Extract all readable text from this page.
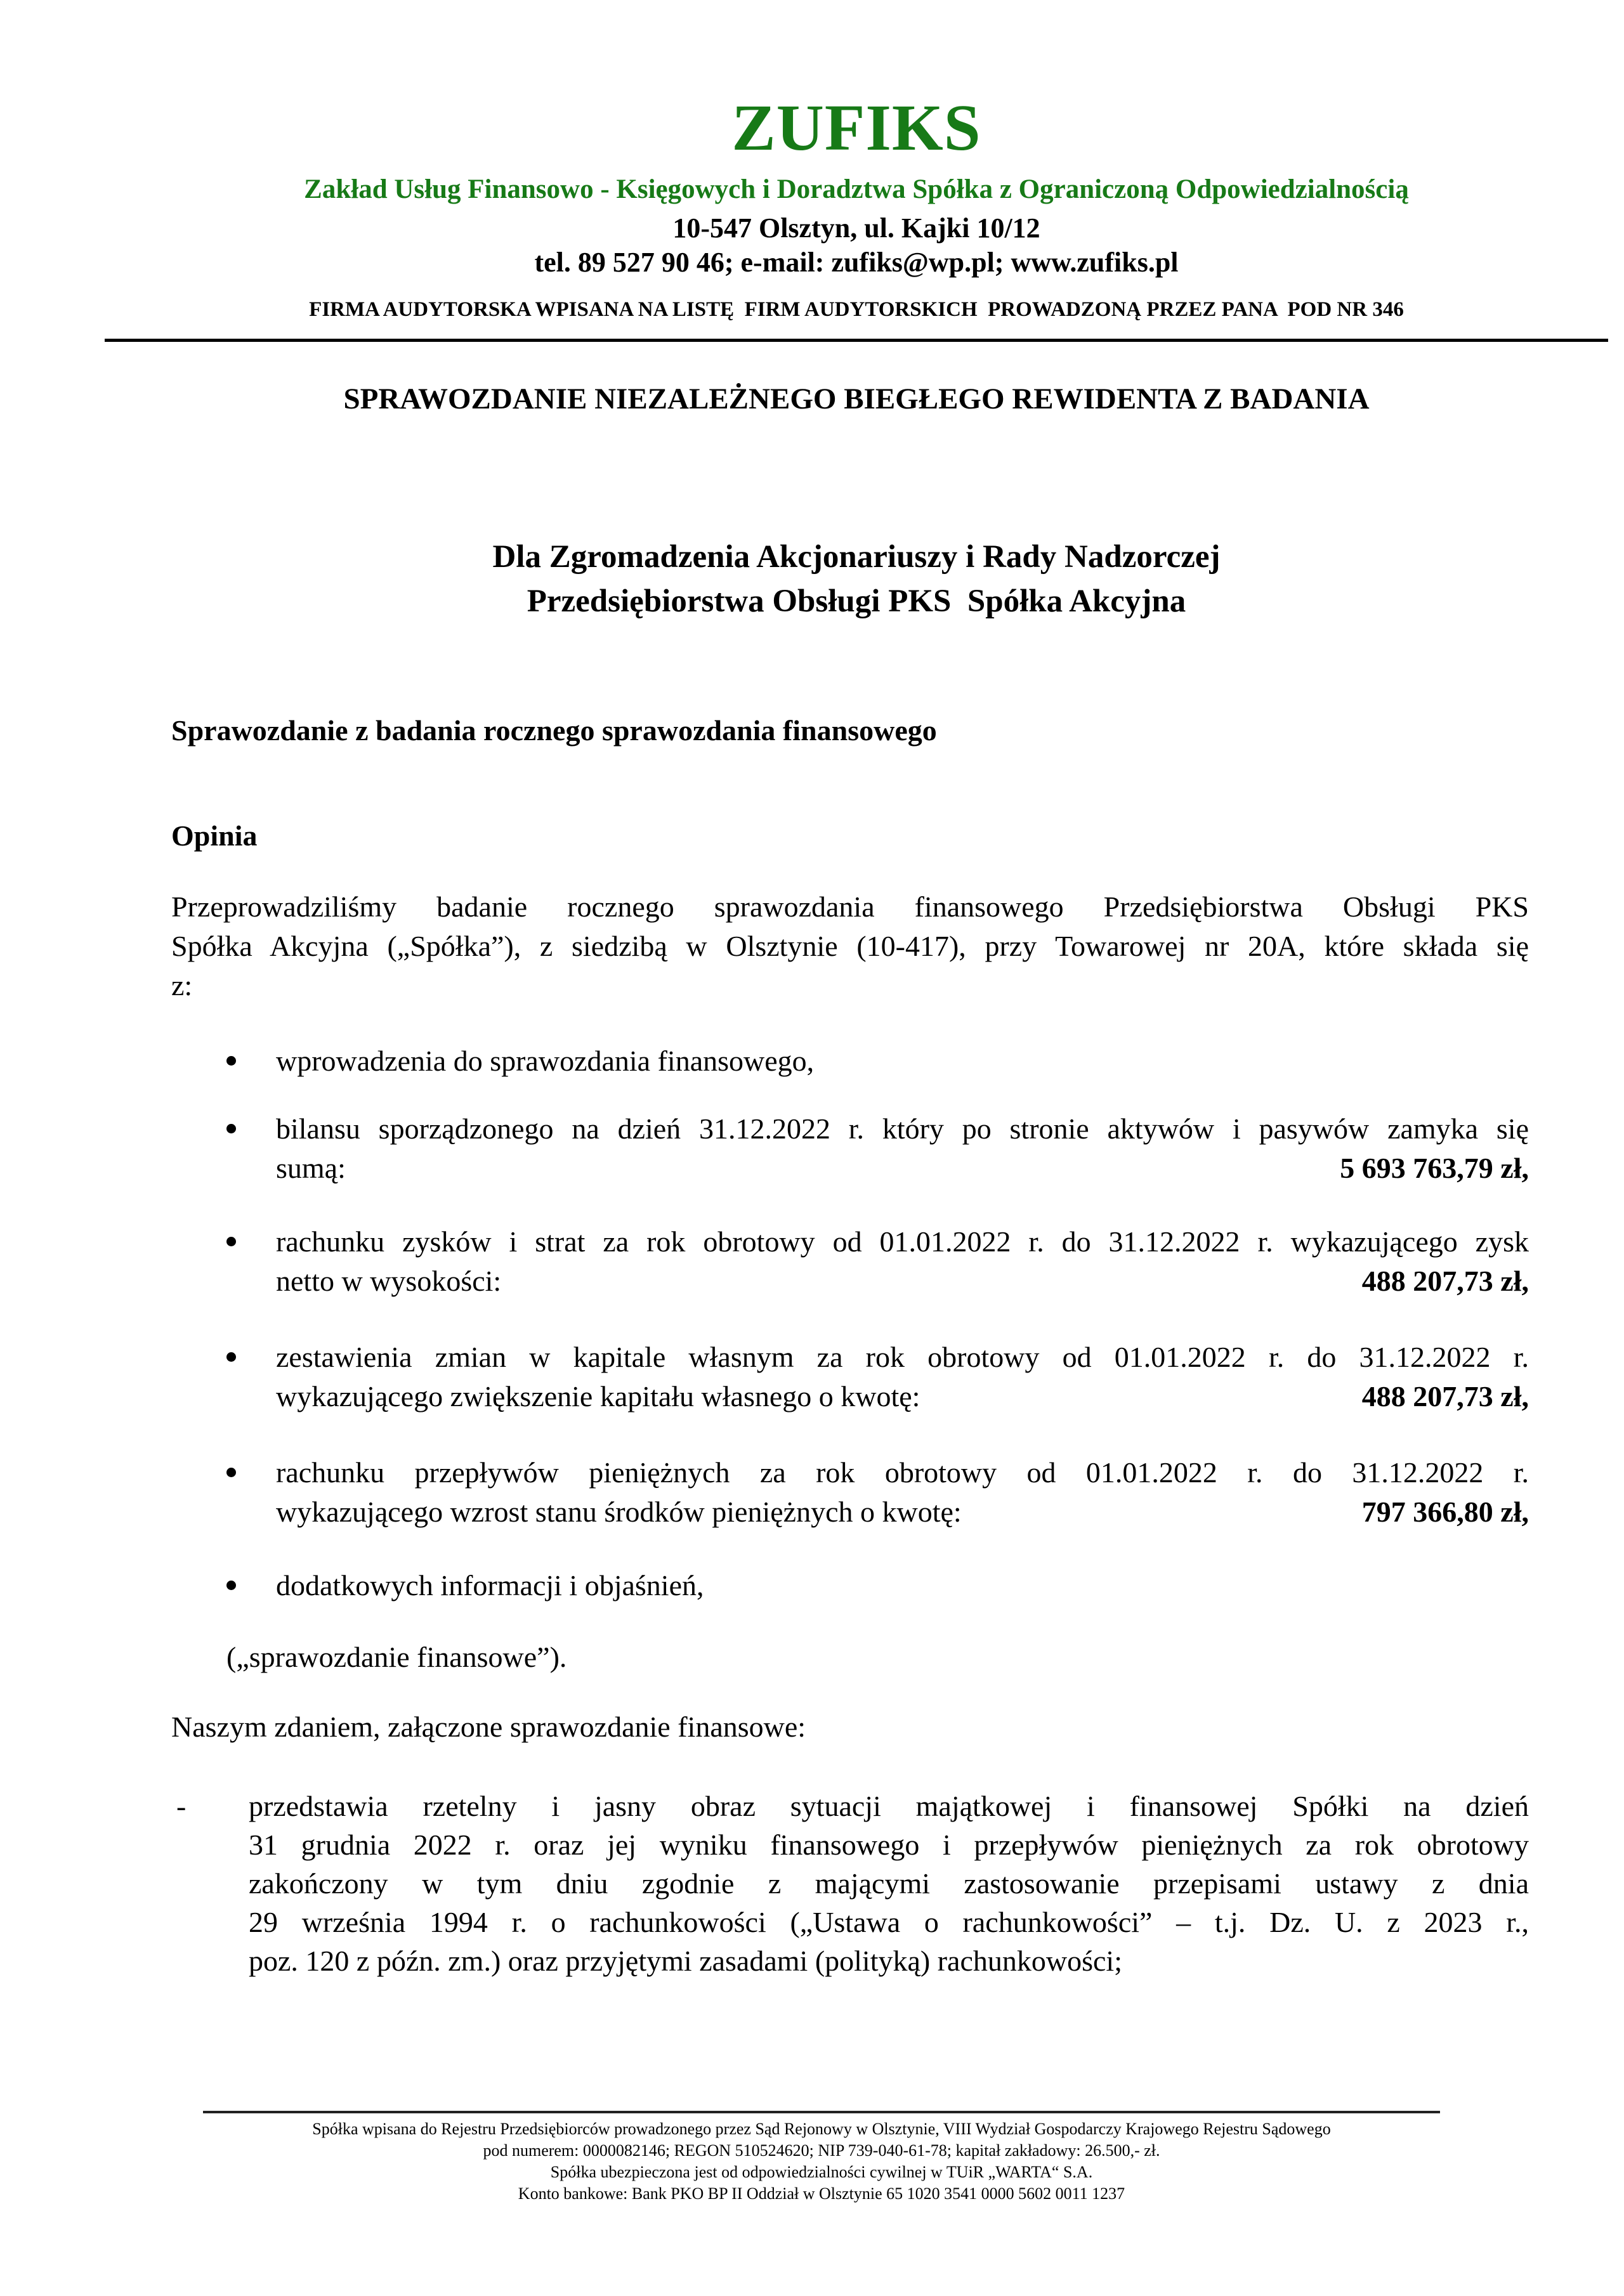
ZUFIKS
Zakład Usług Finansowo - Księgowych i Doradztwa Spółka z Ograniczoną Odpowiedzialnością
10-547 Olsztyn, ul. Kajki 10/12
tel. 89 527 90 46; e-mail: zufiks@wp.pl; www.zufiks.pl
FIRMA AUDYTORSKA WPISANA NA LISTĘ  FIRM AUDYTORSKICH  PROWADZONĄ PRZEZ PANA  POD NR 346
SPRAWOZDANIE NIEZALEŻNEGO BIEGŁEGO REWIDENTA Z BADANIA
Dla Zgromadzenia Akcjonariuszy i Rady Nadzorczej
Przedsiębiorstwa Obsługi PKS  Spółka Akcyjna
Sprawozdanie z badania rocznego sprawozdania finansowego
Opinia
Przeprowadziliśmy badanie rocznego sprawozdania finansowego Przedsiębiorstwa Obsługi PKS
Spółka Akcyjna („Spółka”), z siedzibą w Olsztynie (10-417), przy Towarowej nr 20A, które składa się
z:
wprowadzenia do sprawozdania finansowego,
bilansu sporządzonego na dzień 31.12.2022 r. który po stronie aktywów i pasywów zamyka się
sumą:	5 693 763,79 zł,
rachunku zysków i strat za rok obrotowy od 01.01.2022 r. do 31.12.2022 r. wykazującego zysk
netto w wysokości:	488 207,73 zł,
zestawienia zmian w kapitale własnym za rok obrotowy od 01.01.2022 r. do 31.12.2022 r.
wykazującego zwiększenie kapitału własnego o kwotę:	488 207,73 zł,
rachunku przepływów pieniężnych za rok obrotowy od 01.01.2022 r. do 31.12.2022 r.
wykazującego wzrost stanu środków pieniężnych o kwotę:	797 366,80 zł,
dodatkowych informacji i objaśnień,
(„sprawozdanie finansowe”).
Naszym zdaniem, załączone sprawozdanie finansowe:
- przedstawia rzetelny i jasny obraz sytuacji majątkowej i finansowej Spółki na dzień
31 grudnia 2022 r. oraz jej wyniku finansowego i przepływów pieniężnych za rok obrotowy
zakończony w tym dniu zgodnie z mającymi zastosowanie przepisami ustawy z dnia
29 września 1994 r. o rachunkowości („Ustawa o rachunkowości” – t.j. Dz. U. z 2023 r.,
poz. 120 z późn. zm.) oraz przyjętymi zasadami (polityką) rachunkowości;
Spółka wpisana do Rejestru Przedsiębiorców prowadzonego przez Sąd Rejonowy w Olsztynie, VIII Wydział Gospodarczy Krajowego Rejestru Sądowego
pod numerem: 0000082146; REGON 510524620; NIP 739-040-61-78; kapitał zakładowy: 26.500,- zł.
Spółka ubezpieczona jest od odpowiedzialności cywilnej w TUiR „WARTA“ S.A.
Konto bankowe: Bank PKO BP II Oddział w Olsztynie 65 1020 3541 0000 5602 0011 1237
